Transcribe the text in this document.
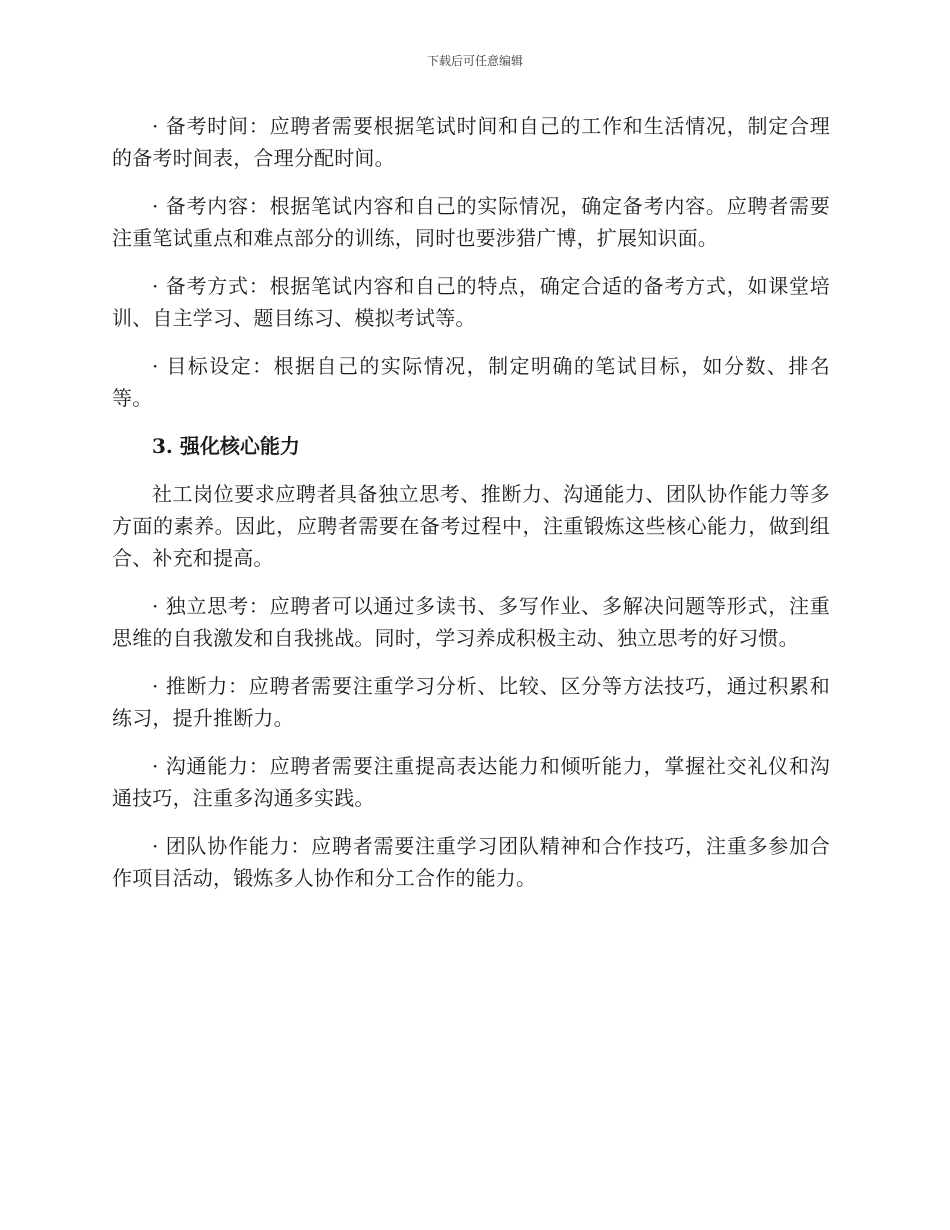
下载后可任意编辑

· 备考时间：应聘者需要根据笔试时间和自己的工作和生活情况，制定合理的备考时间表，合理分配时间。

· 备考内容：根据笔试内容和自己的实际情况，确定备考内容。应聘者需要注重笔试重点和难点部分的训练，同时也要涉猎广博，扩展知识面。

· 备考方式：根据笔试内容和自己的特点，确定合适的备考方式，如课堂培训、自主学习、题目练习、模拟考试等。

· 目标设定：根据自己的实际情况，制定明确的笔试目标，如分数、排名等。

3. 强化核心能力

社工岗位要求应聘者具备独立思考、推断力、沟通能力、团队协作能力等多方面的素养。因此，应聘者需要在备考过程中，注重锻炼这些核心能力，做到组合、补充和提高。

· 独立思考：应聘者可以通过多读书、多写作业、多解决问题等形式，注重思维的自我激发和自我挑战。同时，学习养成积极主动、独立思考的好习惯。

· 推断力：应聘者需要注重学习分析、比较、区分等方法技巧，通过积累和练习，提升推断力。

· 沟通能力：应聘者需要注重提高表达能力和倾听能力，掌握社交礼仪和沟通技巧，注重多沟通多实践。

· 团队协作能力：应聘者需要注重学习团队精神和合作技巧，注重多参加合作项目活动，锻炼多人协作和分工合作的能力。
